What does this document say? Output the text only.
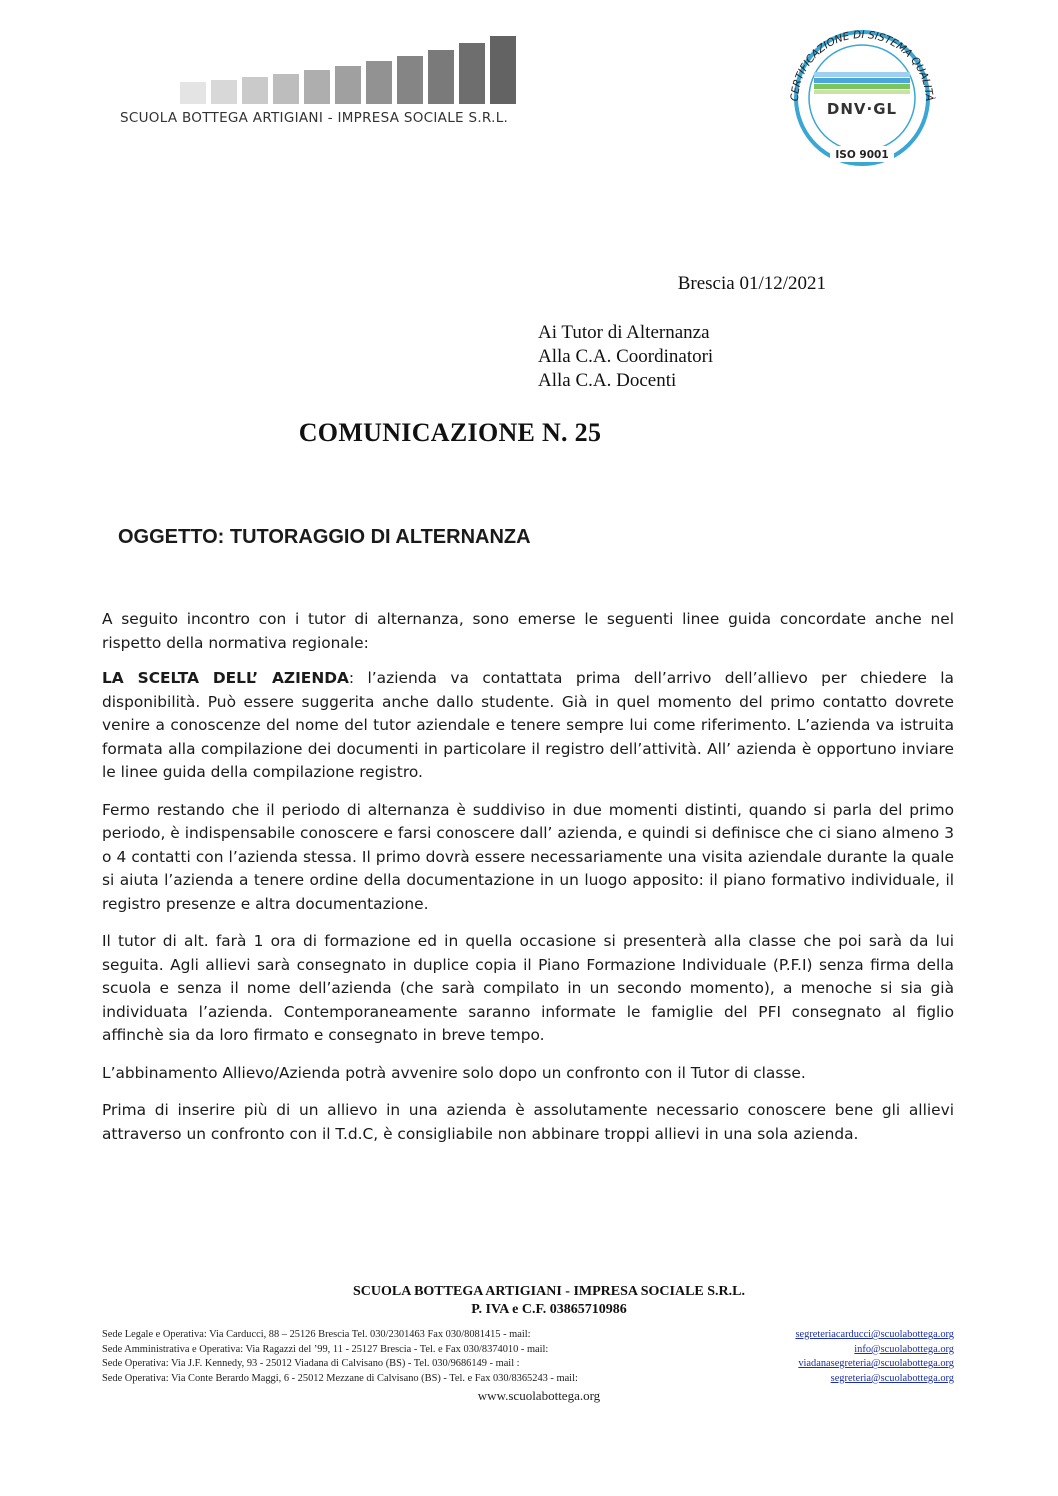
SCUOLA BOTTEGA ARTIGIANI - IMPRESA SOCIALE S.R.L.
CERTIFICAZIONE DI SISTEMA QUALITÀ
DNV·GL
ISO 9001
Brescia 01/12/2021
Ai Tutor di Alternanza
Alla C.A. Coordinatori
Alla C.A. Docenti
COMUNICAZIONE N. 25
OGGETTO: TUTORAGGIO DI ALTERNANZA

A seguito incontro con i tutor di alternanza, sono emerse le seguenti linee guida concordate anche nel rispetto della normativa regionale:

LA SCELTA DELL’ AZIENDA: l’azienda va contattata prima dell’arrivo dell’allievo per chiedere la disponibilità. Può essere suggerita anche dallo studente. Già in quel momento del primo contatto dovrete venire a conoscenze del nome del tutor aziendale e tenere sempre lui come riferimento. L’azienda va istruita formata alla compilazione dei documenti in particolare il registro dell’attività. All’ azienda è opportuno inviare le linee guida della compilazione registro.

Fermo restando che il periodo di alternanza è suddiviso in due momenti distinti, quando si parla del primo periodo, è indispensabile conoscere e farsi conoscere dall’ azienda, e quindi si definisce che ci siano almeno 3 o 4 contatti con l’azienda stessa. Il primo dovrà essere necessariamente una visita aziendale durante la quale si aiuta l’azienda a tenere ordine della documentazione in un luogo apposito: il piano formativo individuale, il registro presenze e altra documentazione.

Il tutor di alt. farà 1 ora di formazione ed in quella occasione si presenterà alla classe che poi sarà da lui seguita. Agli allievi sarà consegnato in duplice copia il Piano Formazione Individuale (P.F.I) senza firma della scuola e senza il nome dell’azienda (che sarà compilato in un secondo momento), a menoche si sia già individuata l’azienda. Contemporaneamente saranno informate le famiglie del PFI consegnato al figlio affinchè sia da loro firmato e consegnato in breve tempo.

L’abbinamento Allievo/Azienda potrà avvenire solo dopo un confronto con il Tutor di classe.

Prima di inserire più di un allievo in una azienda è assolutamente necessario conoscere bene gli allievi attraverso un confronto con il T.d.C, è consigliabile non abbinare troppi allievi in una sola azienda.

SCUOLA BOTTEGA ARTIGIANI - IMPRESA SOCIALE S.R.L.
P. IVA e C.F. 03865710986
Sede Legale e Operativa: Via Carducci, 88 – 25126 Brescia Tel. 030/2301463 Fax 030/8081415 - mail:	segreteriacarducci@scuolabottega.org
Sede Amministrativa e Operativa: Via Ragazzi del ’99, 11 - 25127 Brescia - Tel. e Fax 030/8374010 - mail:	info@scuolabottega.org
Sede Operativa: Via J.F. Kennedy, 93 - 25012 Viadana di Calvisano (BS) - Tel. 030/9686149 - mail :	viadanasegreteria@scuolabottega.org
Sede Operativa: Via Conte Berardo Maggi, 6 - 25012 Mezzane di Calvisano (BS) - Tel. e Fax 030/8365243 - mail:	segreteria@scuolabottega.org
www.scuolabottega.org
